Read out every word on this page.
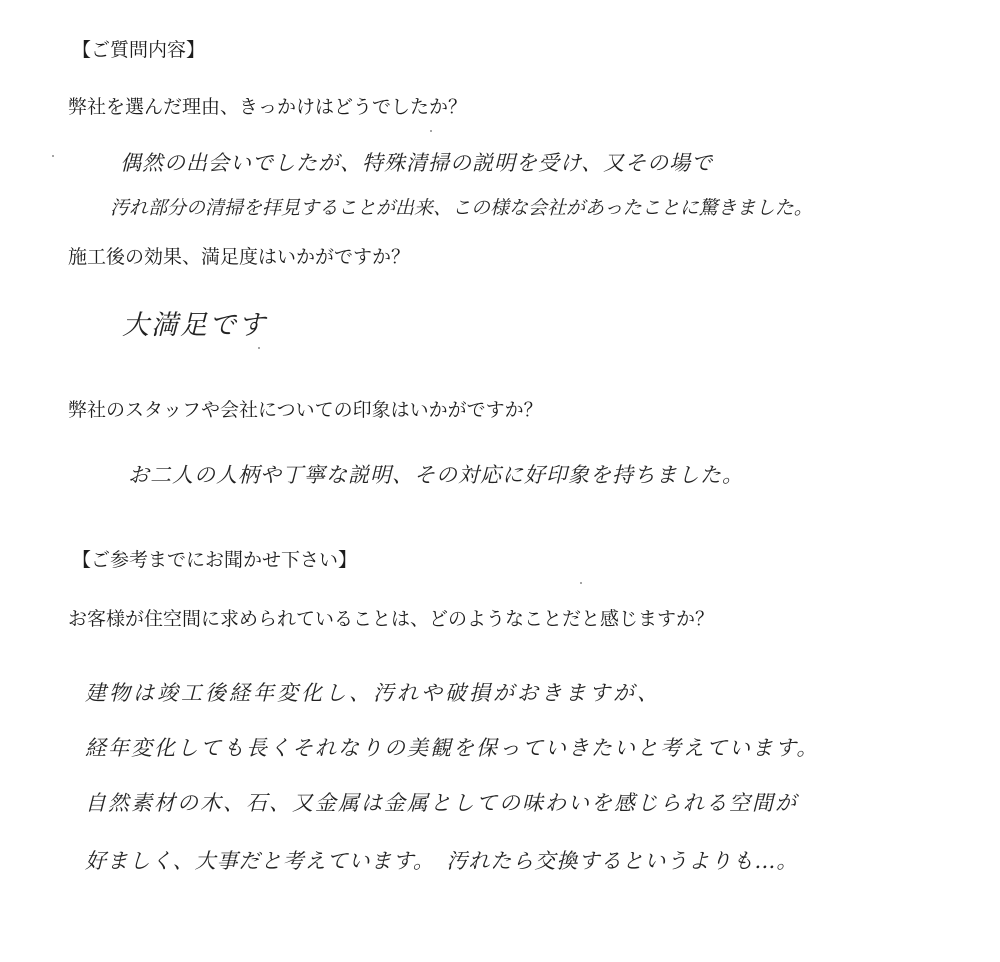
【ご質問内容】
弊社を選んだ理由、きっかけはどうでしたか？
偶然の出会いでしたが、特殊清掃の説明を受け、又その場で
汚れ部分の清掃を拝見することが出来、この様な会社があったことに驚きました。
施工後の効果、満足度はいかがですか？
大満足です
弊社のスタッフや会社についての印象はいかがですか？
お二人の人柄や丁寧な説明、その対応に好印象を持ちました。
【ご参考までにお聞かせ下さい】
お客様が住空間に求められていることは、どのようなことだと感じますか？
建物は竣工後経年変化し、汚れや破損がおきますが、
経年変化しても長くそれなりの美観を保っていきたいと考えています。
自然素材の木、石、又金属は金属としての味わいを感じられる空間が
好ましく、大事だと考えています。　汚れたら交換するというよりも…。
